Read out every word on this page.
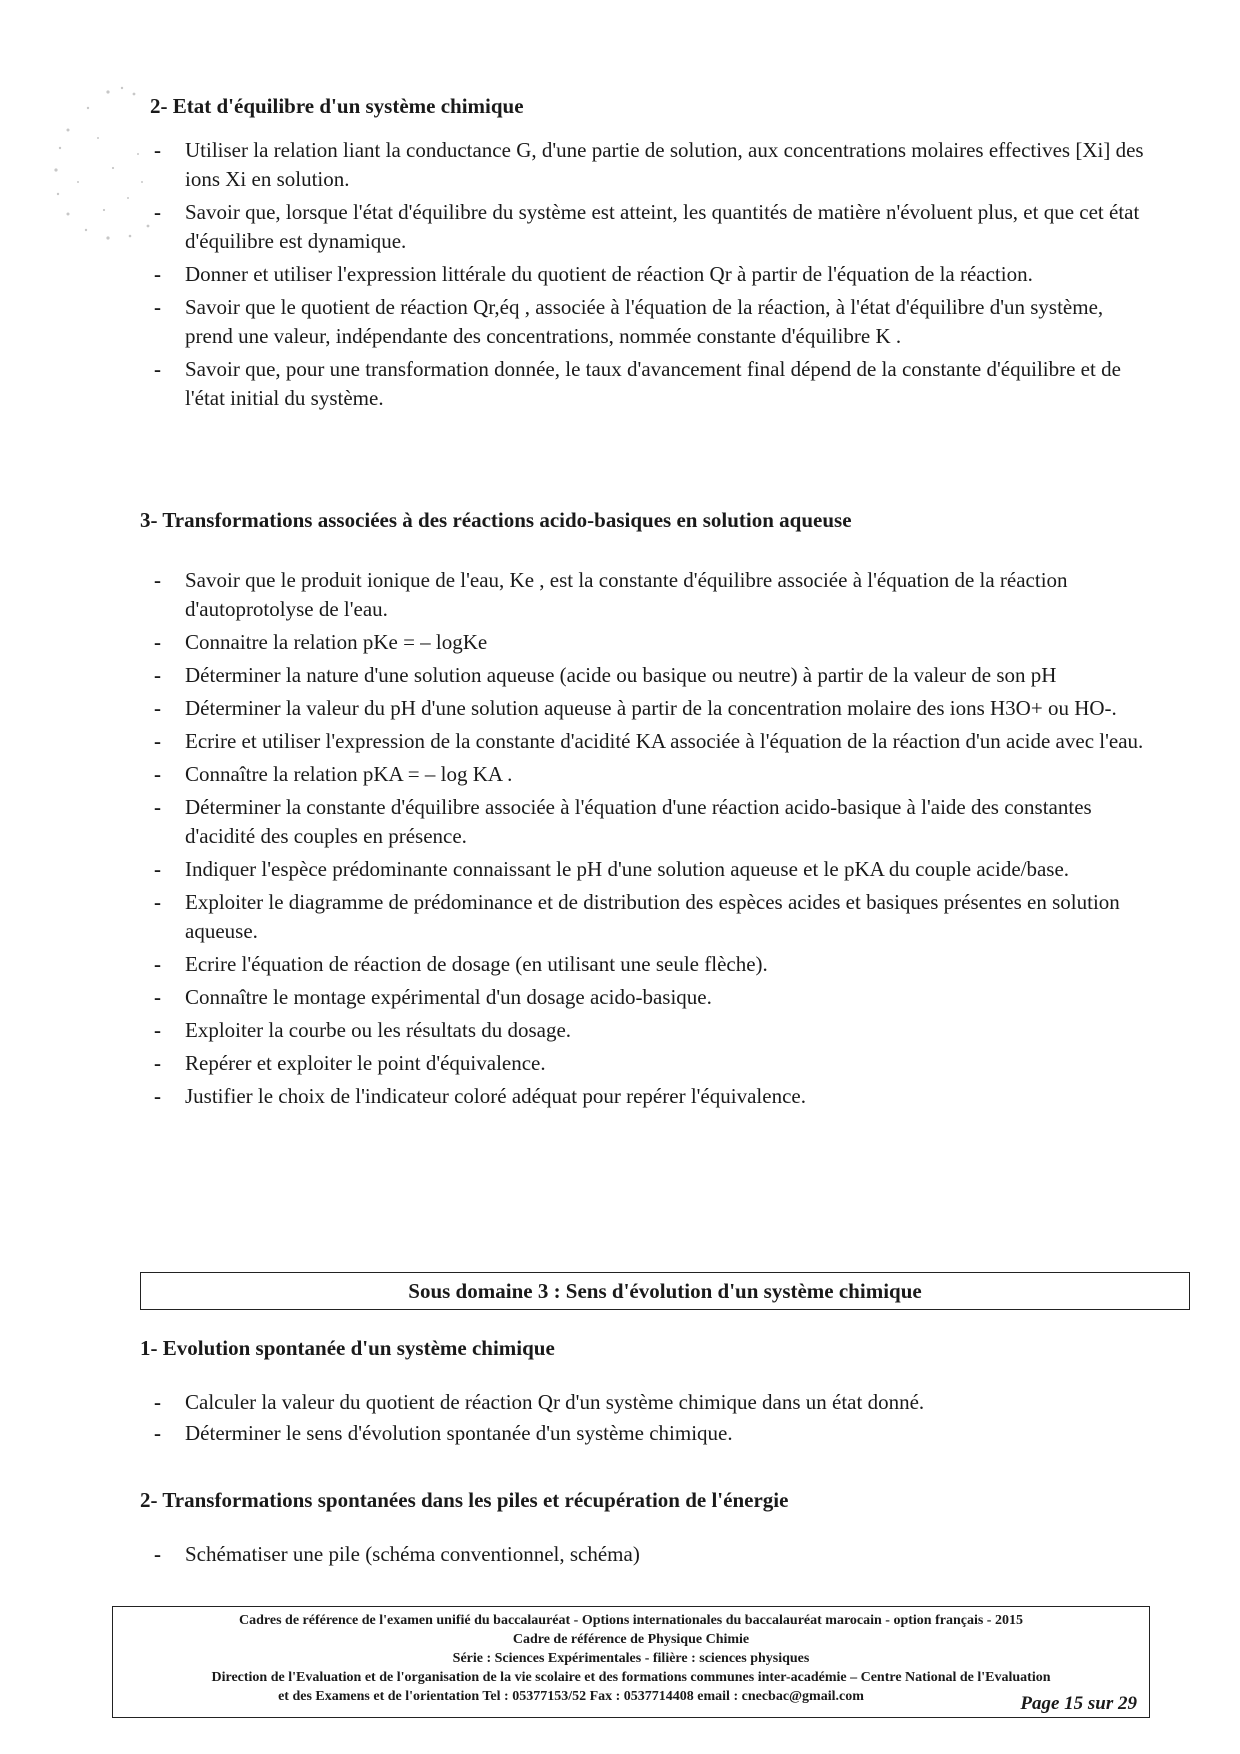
2- Etat d'équilibre d'un système chimique
- Utiliser la relation liant la conductance G, d'une partie de solution, aux concentrations molaires effectives [Xi] des ions Xi en solution.
- Savoir que, lorsque l'état d'équilibre du système est atteint, les quantités de matière n'évoluent plus, et que cet état d'équilibre est dynamique.
- Donner et utiliser l'expression littérale du quotient de réaction Qr à partir de l'équation de la réaction.
- Savoir que le quotient de réaction Qr,éq , associée à l'équation de la réaction, à l'état d'équilibre d'un système, prend une valeur, indépendante des concentrations, nommée constante d'équilibre K .
- Savoir que, pour une transformation donnée, le taux d'avancement final dépend de la constante d'équilibre et de l'état initial du système.
3- Transformations associées à des réactions acido-basiques en solution aqueuse
- Savoir que le produit ionique de l'eau, Ke , est la constante d'équilibre associée à l'équation de la réaction d'autoprotolyse de l'eau.
- Connaitre la relation pKe = – logKe
- Déterminer la nature d'une solution aqueuse (acide ou basique ou neutre) à partir de la valeur de son pH
- Déterminer la valeur du pH d'une solution aqueuse à partir de la concentration molaire des ions H3O+ ou HO-.
- Ecrire et utiliser l'expression de la constante d'acidité KA associée à l'équation de la réaction d'un acide avec l'eau.
- Connaître la relation pKA = – log KA .
- Déterminer la constante d'équilibre associée à l'équation d'une réaction acido-basique à l'aide des constantes d'acidité des couples en présence.
- Indiquer l'espèce prédominante connaissant le pH d'une solution aqueuse et le pKA du couple acide/base.
- Exploiter le diagramme de prédominance et de distribution des espèces acides et basiques présentes en solution aqueuse.
- Ecrire l'équation de réaction de dosage (en utilisant une seule flèche).
- Connaître le montage expérimental d'un dosage acido-basique.
- Exploiter la courbe ou les résultats du dosage.
- Repérer et exploiter le point d'équivalence.
- Justifier le choix de l'indicateur coloré adéquat pour repérer l'équivalence.
Sous domaine 3 : Sens d'évolution d'un système chimique
1- Evolution spontanée d'un système chimique
- Calculer la valeur du quotient de réaction Qr d'un système chimique dans un état donné.
- Déterminer le sens d'évolution spontanée d'un système chimique.
2- Transformations spontanées dans les piles et récupération de l'énergie
- Schématiser une pile (schéma conventionnel, schéma)
Cadres de référence de l'examen unifié du baccalauréat - Options internationales du baccalauréat marocain - option français - 2015
Cadre de référence de Physique Chimie
Série : Sciences Expérimentales - filière : sciences physiques
Direction de l'Evaluation et de l'organisation de la vie scolaire et des formations communes inter-académie – Centre National de l'Evaluation
et des Examens et de l'orientation Tel : 05377153/52 Fax : 0537714408 email : cnecbac@gmail.com	Page 15 sur 29
